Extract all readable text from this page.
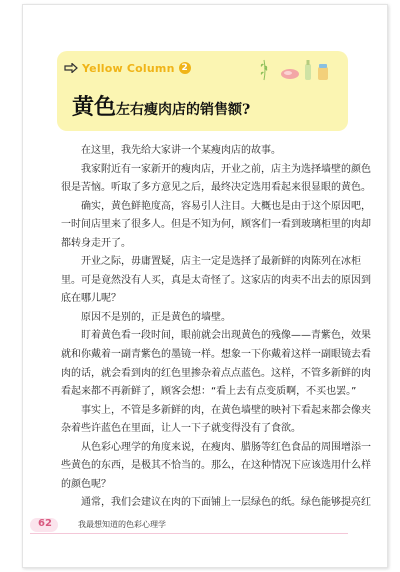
Yellow Column 2
黄色左右瘦肉店的销售额?

在这里，我先给大家讲一个某瘦肉店的故事。

我家附近有一家新开的瘦肉店，开业之前，店主为选择墙壁的颜色
很是苦恼。听取了多方意见之后，最终决定选用看起来很显眼的黄色。

确实，黄色鲜艳度高，容易引人注目。大概也是由于这个原因吧，
一时间店里来了很多人。但是不知为何，顾客们一看到玻璃柜里的肉却
都转身走开了。

开业之际，毋庸置疑，店主一定是选择了最新鲜的肉陈列在冰柜
里。可是竟然没有人买，真是太奇怪了。这家店的肉卖不出去的原因到
底在哪儿呢？

原因不是别的，正是黄色的墙壁。

盯着黄色看一段时间，眼前就会出现黄色的残像——青紫色，效果
就和你戴着一副青紫色的墨镜一样。想象一下你戴着这样一副眼镜去看
肉的话，就会看到肉的红色里掺杂着点点蓝色。这样，不管多新鲜的肉
看起来都不再新鲜了，顾客会想：“看上去有点变质啊，不买也罢。”

事实上，不管是多新鲜的肉，在黄色墙壁的映衬下看起来都会像夹
杂着些许蓝色在里面，让人一下子就变得没有了食欲。

从色彩心理学的角度来说，在瘦肉、腊肠等红色食品的周围增添一
些黄色的东西，是极其不恰当的。那么，在这种情况下应该选用什么样
的颜色呢？

通常，我们会建议在肉的下面铺上一层绿色的纸。绿色能够提亮红

62	我最想知道的色彩心理学
